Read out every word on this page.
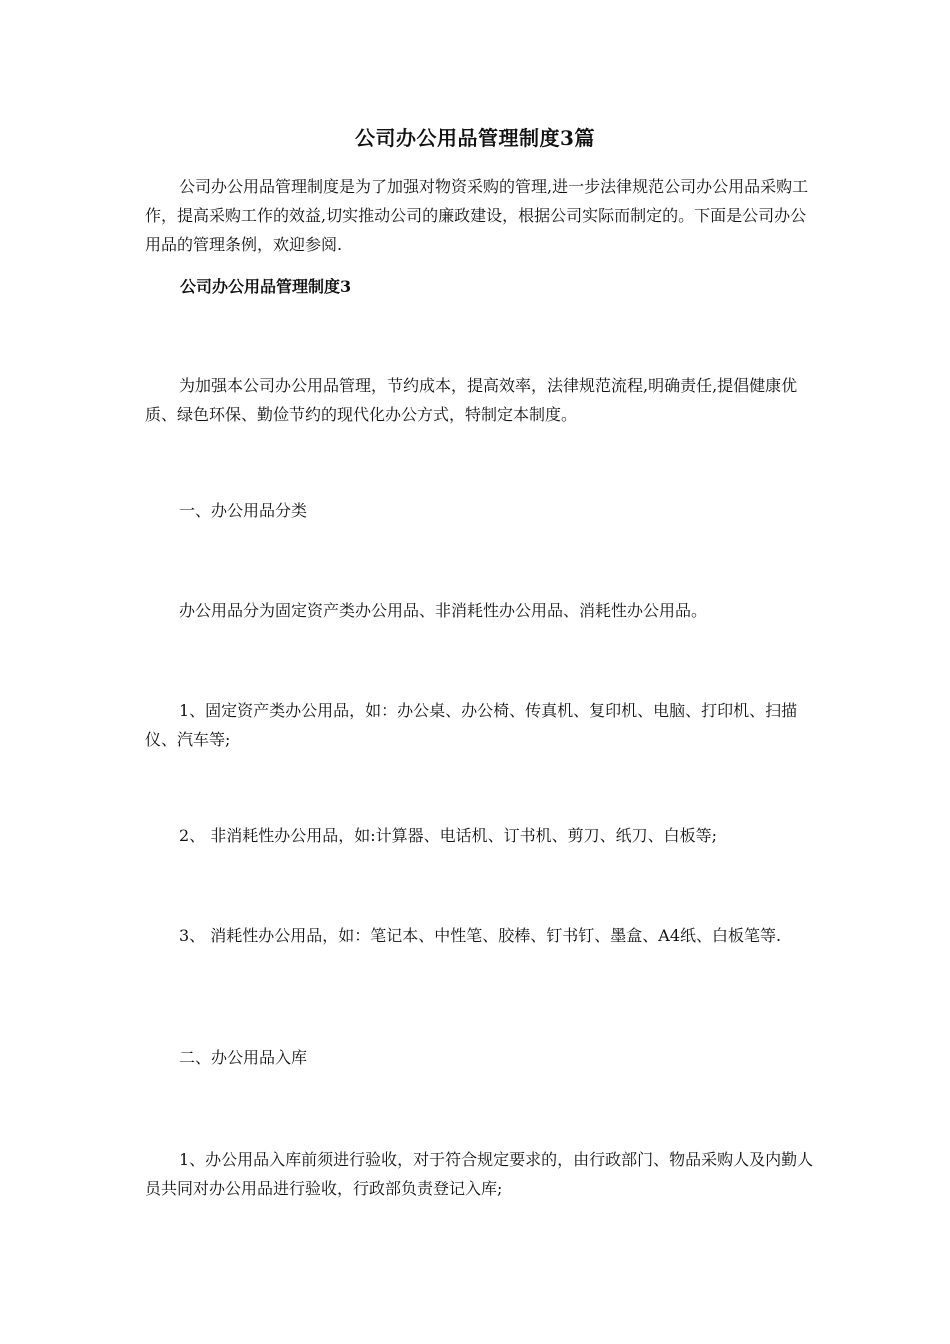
公司办公用品管理制度3篇

公司办公用品管理制度是为了加强对物资采购的管理,进一步法律规范公司办公用品采购工作，提高采购工作的效益,切实推动公司的廉政建设，根据公司实际而制定的。下面是公司办公用品的管理条例，欢迎参阅.

公司办公用品管理制度3

为加强本公司办公用品管理，节约成本，提高效率，法律规范流程,明确责任,提倡健康优质、绿色环保、勤俭节约的现代化办公方式，特制定本制度。

一、办公用品分类

办公用品分为固定资产类办公用品、非消耗性办公用品、消耗性办公用品。

1、固定资产类办公用品，如：办公桌、办公椅、传真机、复印机、电脑、打印机、扫描仪、汽车等;

2、 非消耗性办公用品，如:计算器、电话机、订书机、剪刀、纸刀、白板等;

3、 消耗性办公用品，如：笔记本、中性笔、胶棒、钉书钉、墨盒、A4纸、白板笔等.

二、办公用品入库

1、办公用品入库前须进行验收，对于符合规定要求的，由行政部门、物品采购人及内勤人员共同对办公用品进行验收，行政部负责登记入库;
